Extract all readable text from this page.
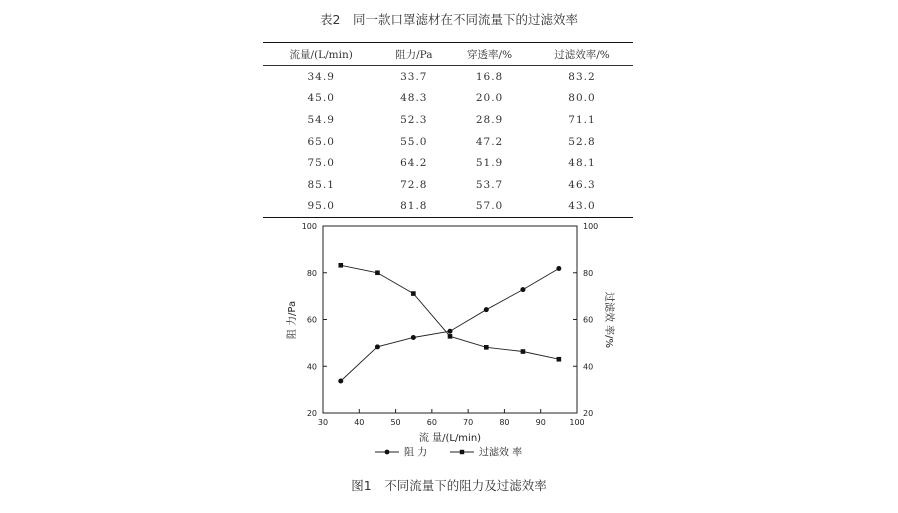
表2　同一款口罩滤材在不同流量下的过滤效率
流量/(L/min)	阻力/Pa	穿透率/%	过滤效率/%
34.9	33.7	16.8	83.2
45.0	48.3	20.0	80.0
54.9	52.3	28.9	71.1
65.0	55.0	47.2	52.8
75.0	64.2	51.9	48.1
85.1	72.8	53.7	46.3
95.0	81.8	57.0	43.0
30	40	50	60	70	80	90	100
20
40
60
80
100
20
40
60
80
100
流 量/(L/min)
阻 力/Pa	过滤效 率/%
阻 力	过滤效 率
图1　不同流量下的阻力及过滤效率
